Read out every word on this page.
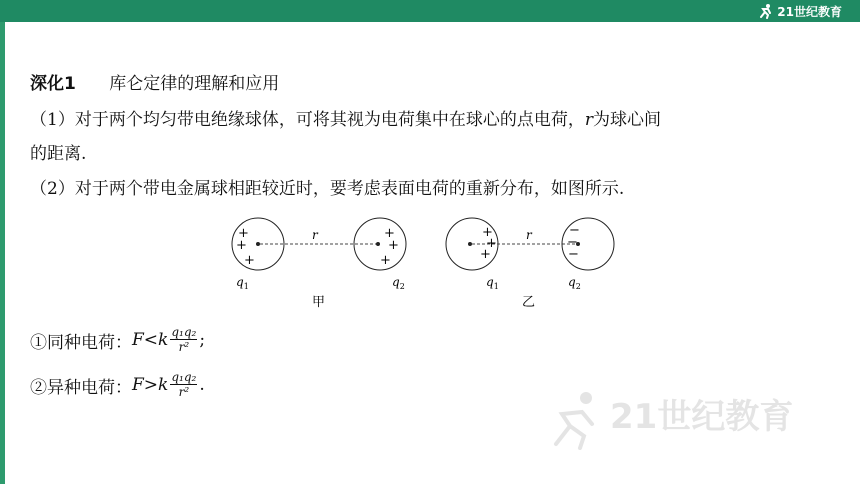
21世纪教育
深化1 库仑定律的理解和应用
（1）对于两个均匀带电绝缘球体，可将其视为电荷集中在球心的点电荷，r为球心间
的距离.
（2）对于两个带电金属球相距较近时，要考虑表面电荷的重新分布，如图所示.
+
+
+
r	+
+
+
$q_1$	$q_2$
甲
+
+
+
r	−
−
−
$q_1$	$q_2$
乙
①同种电荷： F < k $\frac{\text{q₁q₂}}{\text{r²}}$ ;
②异种电荷： F > k $\frac{\text{q₁q₂}}{\text{r²}}$ .
21世纪教育
